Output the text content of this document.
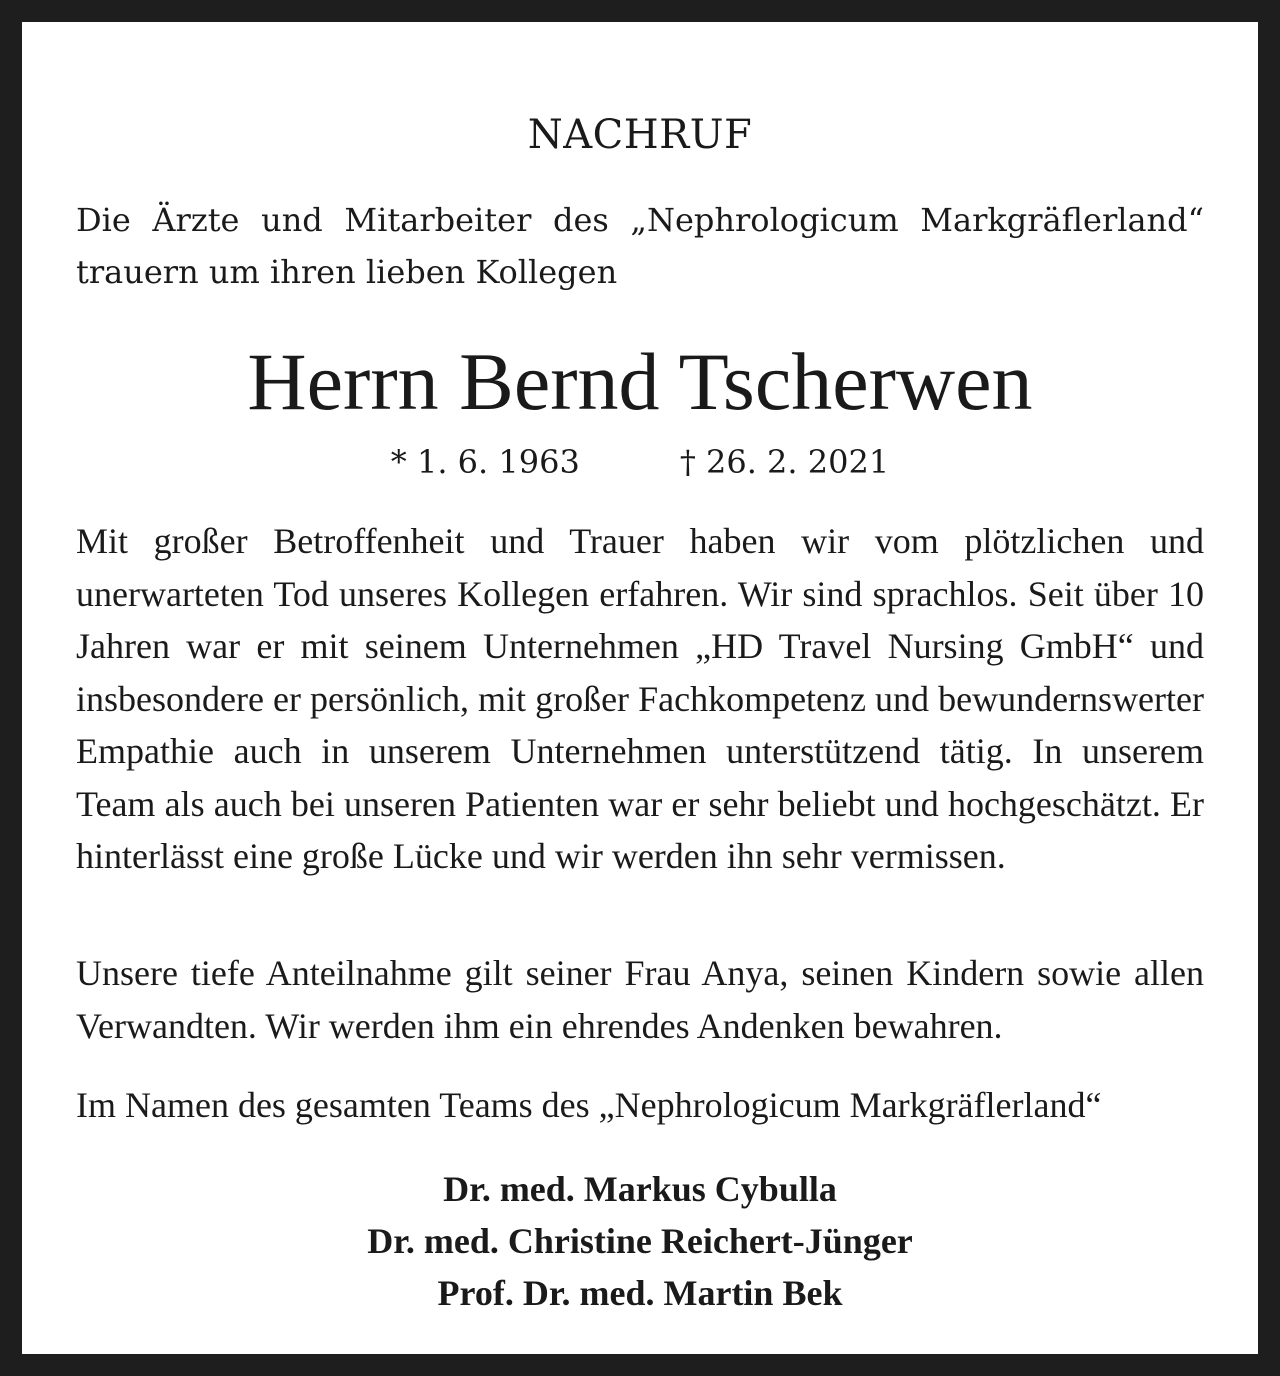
NACHRUF
Die Ärzte und Mitarbeiter des „Nephrologicum Markgräflerland“
trauern um ihren lieben Kollegen
Herrn Bernd Tscherwen
* 1. 6. 1963	† 26. 2. 2021
Mit großer Betroffenheit und Trauer haben wir vom plötzlichen und unerwarteten Tod unseres Kollegen erfahren. Wir sind sprachlos. Seit über 10 Jahren war er mit seinem Unternehmen „HD Travel Nursing GmbH“ und insbesondere er persönlich, mit großer Fachkompetenz und bewundernswerter Empathie auch in unserem Unternehmen unterstützend tätig. In unserem Team als auch bei unseren Patienten war er sehr beliebt und hochgeschätzt. Er hinterlässt eine große Lücke und wir werden ihn sehr vermissen.
Unsere tiefe Anteilnahme gilt seiner Frau Anya, seinen Kindern sowie allen Verwandten. Wir werden ihm ein ehrendes Andenken bewahren.
Im Namen des gesamten Teams des „Nephrologicum Markgräflerland“
Dr. med. Markus Cybulla
Dr. med. Christine Reichert-Jünger
Prof. Dr. med. Martin Bek
